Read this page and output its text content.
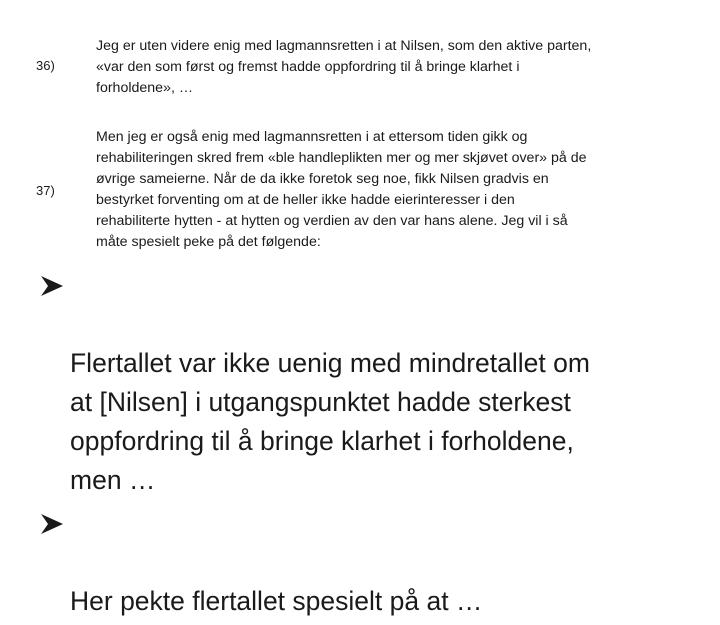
36)
Jeg er uten videre enig med lagmannsretten i at Nilsen, som den aktive parten,
«var den som først og fremst hadde oppfordring til å bringe klarhet i
forholdene», …
37)
Men jeg er også enig med lagmannsretten i at ettersom tiden gikk og
rehabiliteringen skred frem «ble handleplikten mer og mer skjøvet over» på de
øvrige sameierne. Når de da ikke foretok seg noe, fikk Nilsen gradvis en
bestyrket forventing om at de heller ikke hadde eierinteresser i den
rehabiliterte hytten - at hytten og verdien av den var hans alene. Jeg vil i så
måte spesielt peke på det følgende:

Flertallet var ikke uenig med mindretallet om
at [Nilsen] i utgangspunktet hadde sterkest
oppfordring til å bringe klarhet i forholdene,
men …

Her pekte flertallet spesielt på at …
